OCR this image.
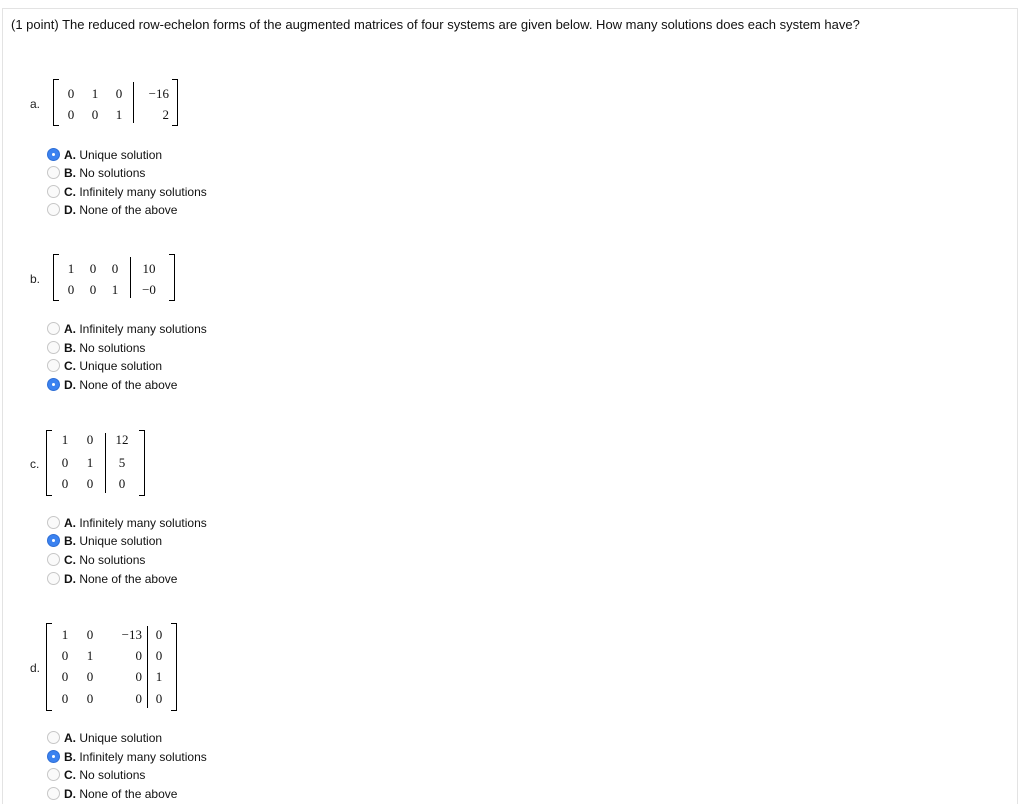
(1 point) The reduced row-echelon forms of the augmented matrices of four systems are given below. How many solutions does each system have?
a.
0	1	0	−16
0	0	1	2
A. Unique solution
B. No solutions
C. Infinitely many solutions
D. None of the above
b.
1	0	0	10
0	0	1	−0
A. Infinitely many solutions
B. No solutions
C. Unique solution
D. None of the above
c.
1	0	12
0	1	5
0	0	0
A. Infinitely many solutions
B. Unique solution
C. No solutions
D. None of the above
d.
1	0	−13	0
0	1	0	0
0	0	0	1
0	0	0	0
A. Unique solution
B. Infinitely many solutions
C. No solutions
D. None of the above
